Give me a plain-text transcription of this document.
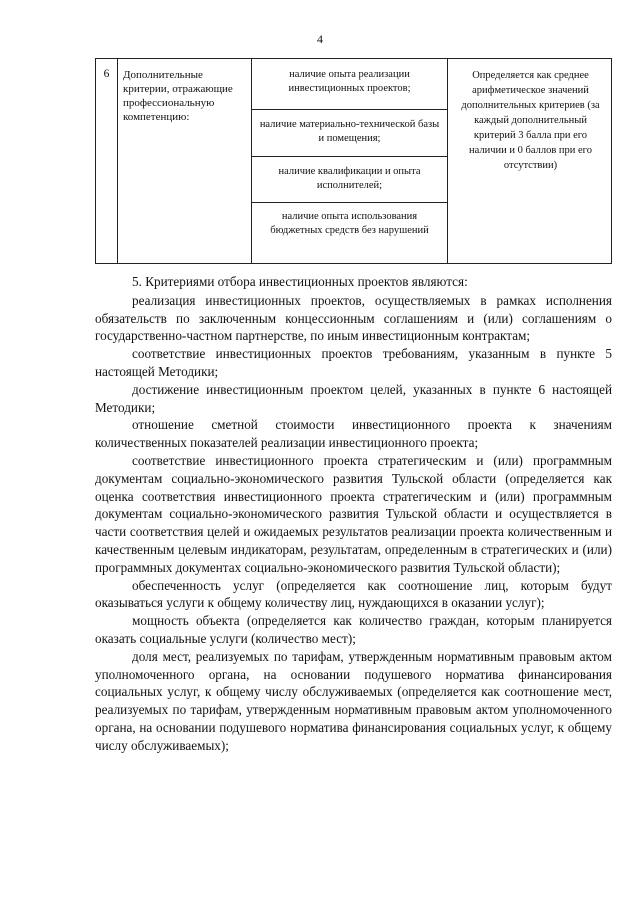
4
6	Дополнительные критерии, отражающие профессиональную компетенцию:
наличие опыта реализации инвестиционных проектов;
наличие материально-технической базы и помещения;
наличие квалификации и опыта исполнителей;
наличие опыта использования бюджетных средств без нарушений
Определяется как среднее арифметическое значений дополнительных критериев (за каждый дополнительный критерий 3 балла при его наличии и 0 баллов при его отсутствии)

5. Критериями отбора инвестиционных проектов являются:

реализация инвестиционных проектов, осуществляемых в рамках исполнения обязательств по заключенным концессионным соглашениям и (или) соглашениям о государственно-частном партнерстве, по иным инвестиционным контрактам;

соответствие инвестиционных проектов требованиям, указанным в пункте 5 настоящей Методики;

достижение инвестиционным проектом целей, указанных в пункте 6 настоящей Методики;

отношение сметной стоимости инвестиционного проекта к значениям количественных показателей реализации инвестиционного проекта;

соответствие инвестиционного проекта стратегическим и (или) программным документам социально-экономического развития Тульской области (определяется как оценка соответствия инвестиционного проекта стратегическим и (или) программным документам социально-экономического развития Тульской области и осуществляется в части соответствия целей и ожидаемых результатов реализации проекта количественным и качественным целевым индикаторам, результатам, определенным в стратегических и (или) программных документах социально-экономического развития Тульской области);

обеспеченность услуг (определяется как соотношение лиц, которым будут оказываться услуги к общему количеству лиц, нуждающихся в оказании услуг);

мощность объекта (определяется как количество граждан, которым планируется оказать социальные услуги (количество мест);

доля мест, реализуемых по тарифам, утвержденным нормативным правовым актом уполномоченного органа, на основании подушевого норматива финансирования социальных услуг, к общему числу обслуживаемых (определяется как соотношение мест, реализуемых по тарифам, утвержденным нормативным правовым актом уполномоченного органа, на основании подушевого норматива финансирования социальных услуг, к общему числу обслуживаемых);
